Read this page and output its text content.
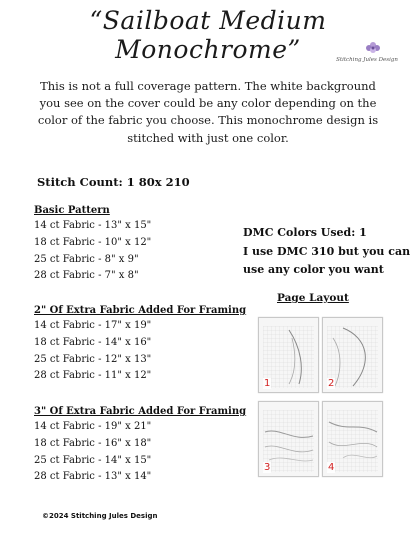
“Sailboat Medium Monochrome”	Stitching Jules Design
This is not a full coverage pattern. The white background you see on the cover could be any color depending on the color of the fabric you choose. This monochrome design is stitched with just one color.
Stitch Count: 1 80x 210
Basic Pattern
14 ct Fabric - 13" x 15"
18 ct Fabric - 10" x 12"
25 ct Fabric - 8" x 9"
28 ct Fabric - 7" x 8"
2" Of Extra Fabric Added For Framing
14 ct Fabric - 17" x 19"
18 ct Fabric - 14" x 16"
25 ct Fabric - 12" x 13"
28 ct Fabric - 11" x 12"
3" Of Extra Fabric Added For Framing
14 ct Fabric - 19" x 21"
18 ct Fabric - 16" x 18"
25 ct Fabric - 14" x 15"
28 ct Fabric - 13" x 14"
DMC Colors Used: 1
I use DMC 310 but you can
use any color you want
Page Layout
1	2
3	4
©2024 Stitching Jules Design
